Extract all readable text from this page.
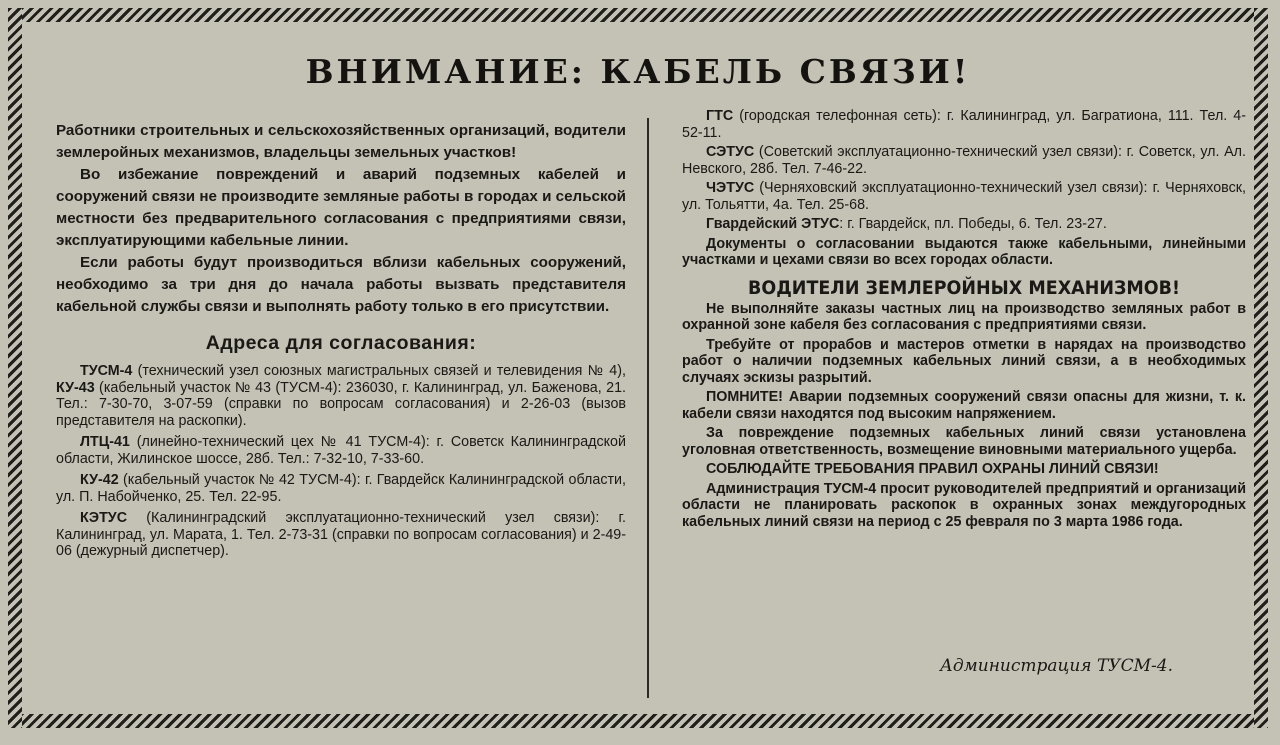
ВНИМАНИЕ: КАБЕЛЬ СВЯЗИ!

Работники строительных и сельскохозяйственных организаций, водители землеройных механизмов, владельцы земельных участков!

Во избежание повреждений и аварий подземных кабелей и сооружений связи не производите земляные работы в городах и сельской местности без предварительного согласования с предприятиями связи, эксплуатирующими кабельные линии.

Если работы будут производиться вблизи кабельных сооружений, необходимо за три дня до начала работы вызвать представителя кабельной службы связи и выполнять работу только в его присутствии.

Адреса для согласования:

ТУСМ-4 (технический узел союзных магистральных связей и телевидения № 4), КУ-43 (кабельный участок № 43 (ТУСМ-4): 236030, г. Калининград, ул. Баженова, 21. Тел.: 7-30-70, 3-07-59 (справки по вопросам согласования) и 2-26-03 (вызов представителя на раскопки).

ЛТЦ-41 (линейно-технический цех № 41 ТУСМ-4): г. Советск Калининградской области, Жилинское шоссе, 28б. Тел.: 7-32-10, 7-33-60.

КУ-42 (кабельный участок № 42 ТУСМ-4): г. Гвардейск Калининградской области, ул. П. Набойченко, 25. Тел. 22-95.

КЭТУС (Калининградский эксплуатационно-технический узел связи): г. Калининград, ул. Марата, 1. Тел. 2-73-31 (справки по вопросам согласования) и 2-49-06 (дежурный диспетчер).

ГТС (городская телефонная сеть): г. Калининград, ул. Багратиона, 111. Тел. 4-52-11.

СЭТУС (Советский эксплуатационно-технический узел связи): г. Советск, ул. Ал. Невского, 28б. Тел. 7-46-22.

ЧЭТУС (Черняховский эксплуатационно-технический узел связи): г. Черняховск, ул. Тольятти, 4а. Тел. 25-68.

Гвардейский ЭТУС: г. Гвардейск, пл. Победы, 6. Тел. 23-27.

Документы о согласовании выдаются также кабельными, линейными участками и цехами связи во всех городах области.

ВОДИТЕЛИ ЗЕМЛЕРОЙНЫХ МЕХАНИЗМОВ!

Не выполняйте заказы частных лиц на производство земляных работ в охранной зоне кабеля без согласования с предприятиями связи.

Требуйте от прорабов и мастеров отметки в нарядах на производство работ о наличии подземных кабельных линий связи, а в необходимых случаях эскизы разрытий.

ПОМНИТЕ! Аварии подземных сооружений связи опасны для жизни, т. к. кабели связи находятся под высоким напряжением.

За повреждение подземных кабельных линий связи установлена уголовная ответственность, возмещение виновными материального ущерба.

СОБЛЮДАЙТЕ ТРЕБОВАНИЯ ПРАВИЛ ОХРАНЫ ЛИНИЙ СВЯЗИ!

Администрация ТУСМ-4 просит руководителей предприятий и организаций области не планировать раскопок в охранных зонах междугородных кабельных линий связи на период с 25 февраля по 3 марта 1986 года.

Администрация ТУСМ-4.
